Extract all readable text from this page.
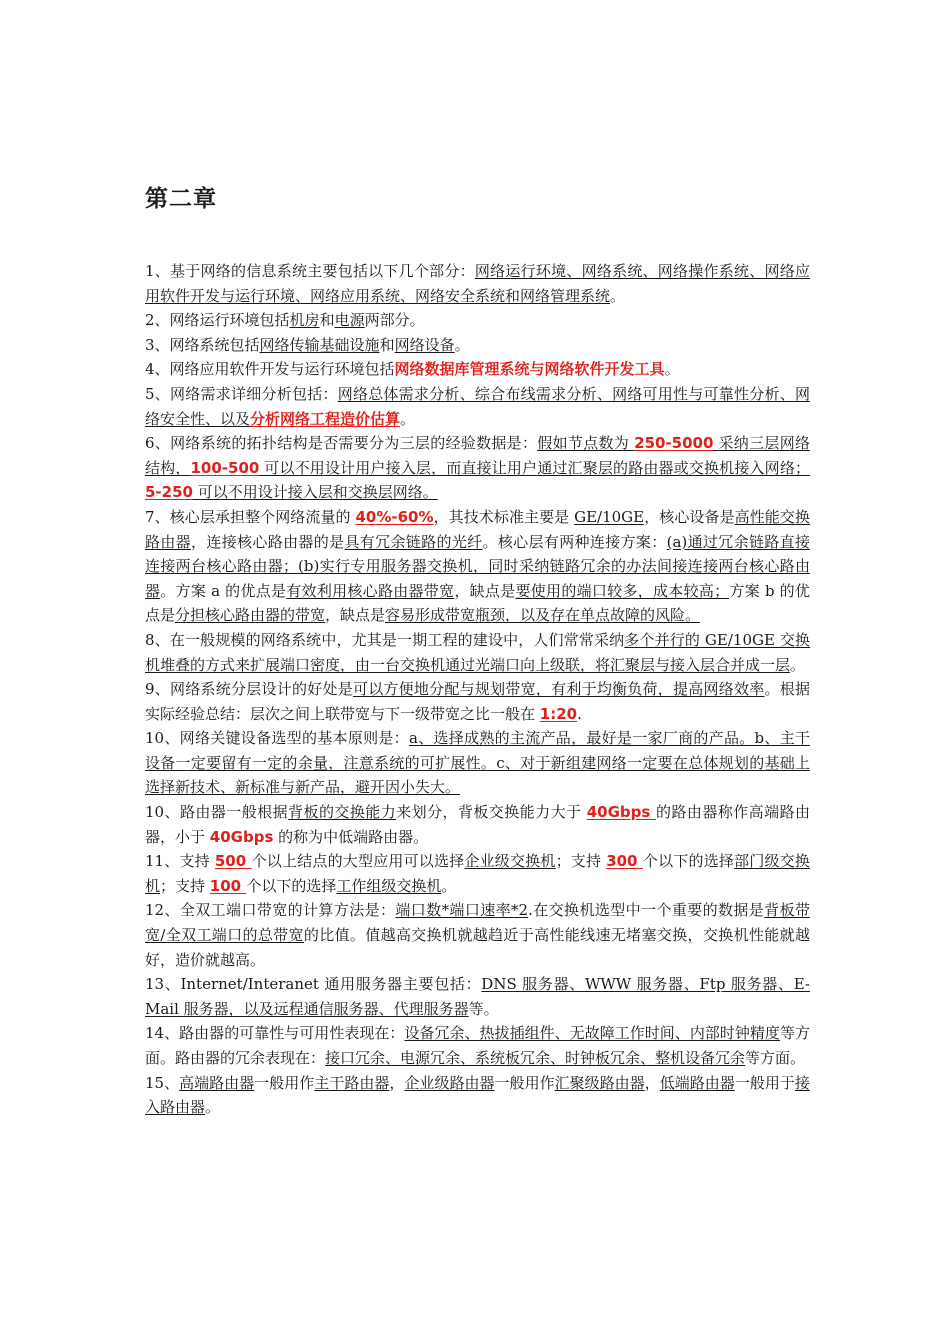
第二章

1、基于网络的信息系统主要包括以下几个部分：网络运行环境、网络系统、网络操作系统、网络应用软件开发与运行环境、网络应用系统、网络安全系统和网络管理系统。

2、网络运行环境包括机房和电源两部分。

3、网络系统包括网络传输基础设施和网络设备。

4、网络应用软件开发与运行环境包括网络数据库管理系统与网络软件开发工具。

5、网络需求详细分析包括：网络总体需求分析、综合布线需求分析、网络可用性与可靠性分析、网络安全性、以及分析网络工程造价估算。

6、网络系统的拓扑结构是否需要分为三层的经验数据是：假如节点数为 250-5000 采纳三层网络结构，100-500 可以不用设计用户接入层，而直接让用户通过汇聚层的路由器或交换机接入网络；5-250 可以不用设计接入层和交换层网络。

7、核心层承担整个网络流量的 40%-60%，其技术标准主要是 GE/10GE，核心设备是高性能交换路由器，连接核心路由器的是具有冗余链路的光纤。核心层有两种连接方案：(a)通过冗余链路直接连接两台核心路由器；(b)实行专用服务器交换机，同时采纳链路冗余的办法间接连接两台核心路由器。方案 a 的优点是有效利用核心路由器带宽，缺点是要使用的端口较多，成本较高；方案 b 的优点是分担核心路由器的带宽，缺点是容易形成带宽瓶颈，以及存在单点故障的风险。

8、在一般规模的网络系统中，尤其是一期工程的建设中，人们常常采纳多个并行的 GE/10GE 交换机堆叠的方式来扩展端口密度，由一台交换机通过光端口向上级联，将汇聚层与接入层合并成一层。

9、网络系统分层设计的好处是可以方便地分配与规划带宽，有利于均衡负荷，提高网络效率。根据实际经验总结：层次之间上联带宽与下一级带宽之比一般在 1:20.

10、网络关键设备选型的基本原则是：a、选择成熟的主流产品，最好是一家厂商的产品。b、主干设备一定要留有一定的余量，注意系统的可扩展性。c、对于新组建网络一定要在总体规划的基础上选择新技术、新标准与新产品，避开因小失大。

10、路由器一般根据背板的交换能力来划分，背板交换能力大于 40Gbps 的路由器称作高端路由器，小于 40Gbps 的称为中低端路由器。

11、支持 500 个以上结点的大型应用可以选择企业级交换机；支持 300 个以下的选择部门级交换机；支持 100 个以下的选择工作组级交换机。

12、全双工端口带宽的计算方法是：端口数*端口速率*2.在交换机选型中一个重要的数据是背板带宽/全双工端口的总带宽的比值。值越高交换机就越趋近于高性能线速无堵塞交换，交换机性能就越好，造价就越高。

13、Internet/Interanet 通用服务器主要包括：DNS 服务器、WWW 服务器、Ftp 服务器、E-Mail 服务器，以及远程通信服务器、代理服务器等。

14、路由器的可靠性与可用性表现在：设备冗余、热拔插组件、无故障工作时间、内部时钟精度等方面。路由器的冗余表现在：接口冗余、电源冗余、系统板冗余、时钟板冗余、整机设备冗余等方面。

15、高端路由器一般用作主干路由器，企业级路由器一般用作汇聚级路由器，低端路由器一般用于接入路由器。
